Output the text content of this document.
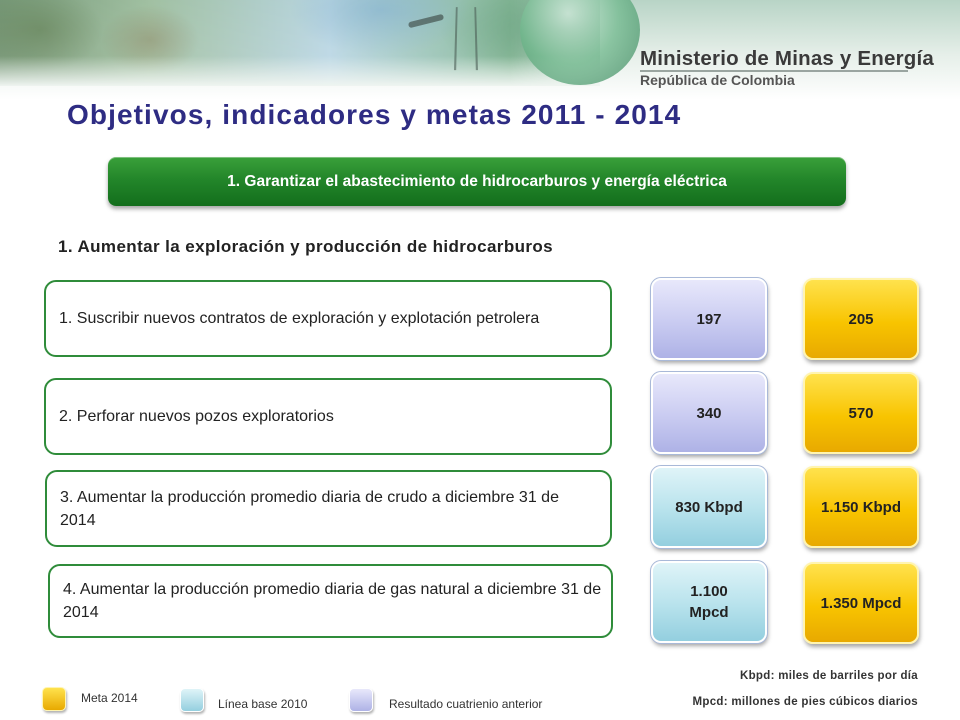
Ministerio de Minas y Energía
República de Colombia
Objetivos, indicadores y metas 2011 - 2014
1. Garantizar el abastecimiento de hidrocarburos y energía eléctrica
1. Aumentar la exploración y producción de hidrocarburos
1. Suscribir nuevos contratos de exploración y explotación petrolera
2. Perforar nuevos pozos exploratorios
3. Aumentar la producción promedio diaria de crudo a diciembre 31 de 2014
4. Aumentar la producción promedio diaria de gas natural a diciembre 31 de 2014
197
340
830 Kbpd
1.100
Mpcd
205
570
1.150 Kbpd
1.350 Mpcd
Meta 2014	Línea base 2010	Resultado cuatrienio anterior
Kbpd: miles de barriles por día
Mpcd: millones de pies cúbicos diarios
